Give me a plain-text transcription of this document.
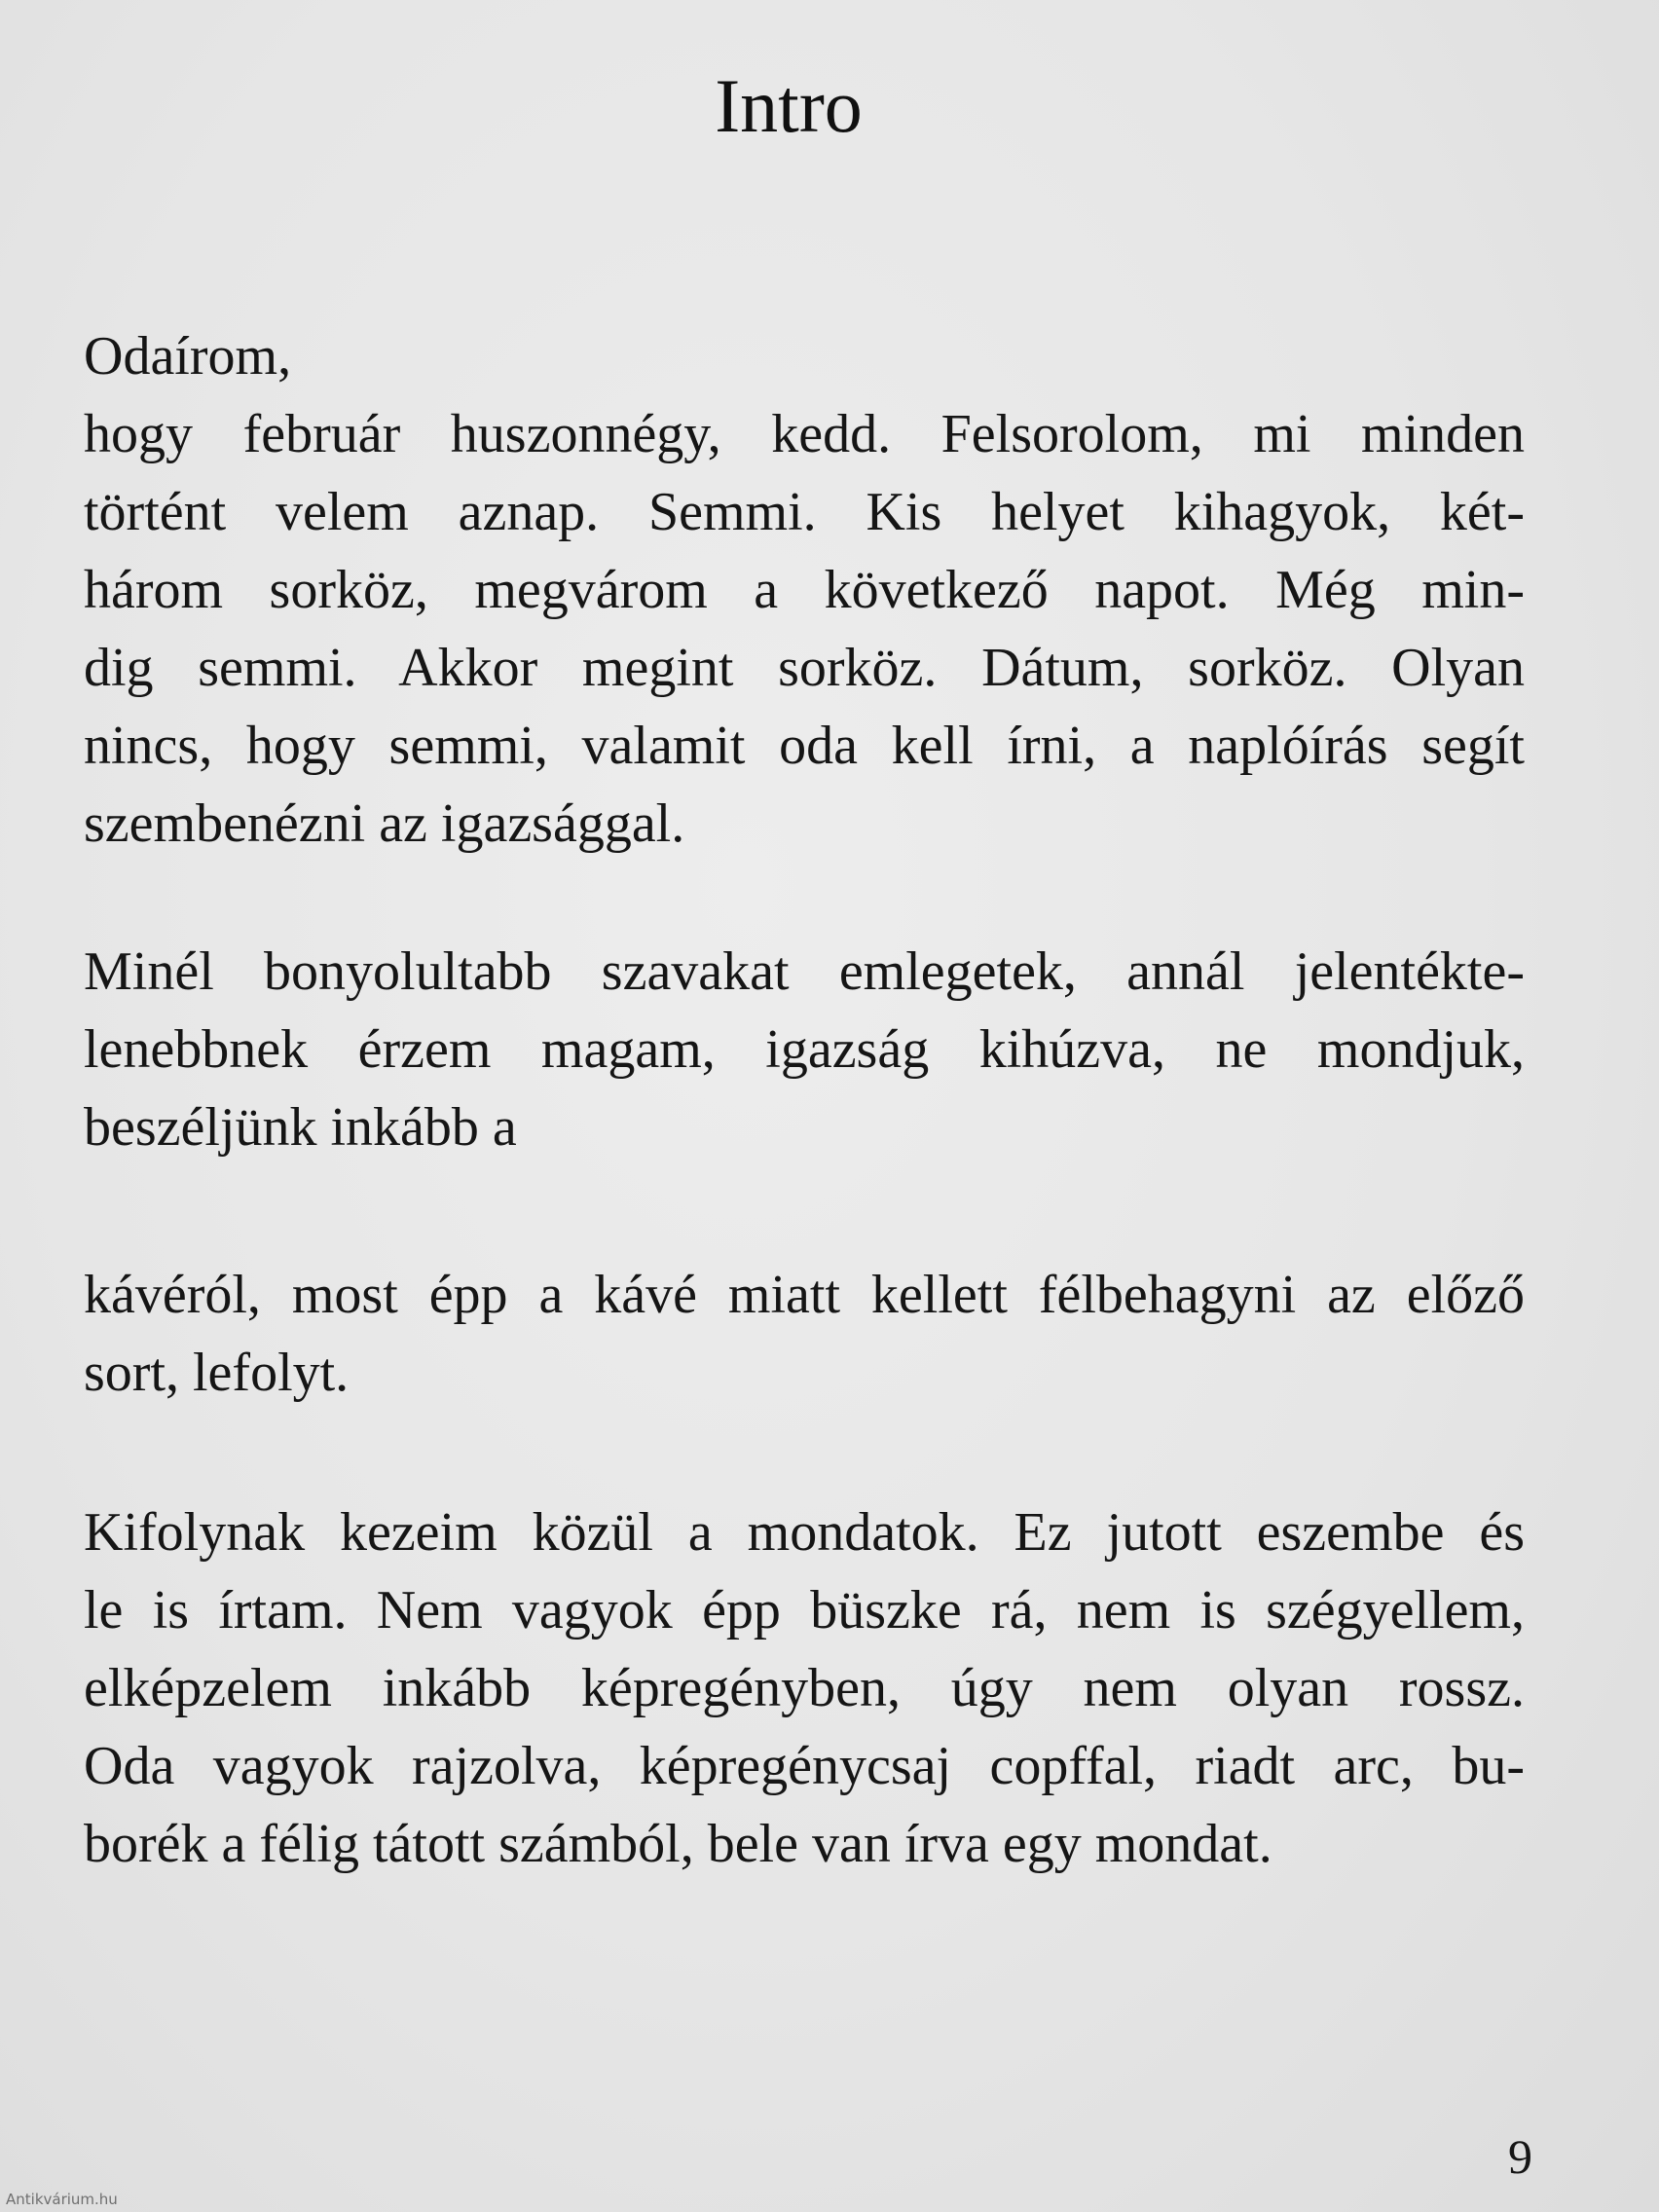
Intro

Odaírom,
hogy február huszonnégy, kedd. Felsorolom, mi minden
történt velem aznap. Semmi. Kis helyet kihagyok, két-
három sorköz, megvárom a következő napot. Még min-
dig semmi. Akkor megint sorköz. Dátum, sorköz. Olyan
nincs, hogy semmi, valamit oda kell írni, a naplóírás segít
szembenézni az igazsággal.

Minél bonyolultabb szavakat emlegetek, annál jelentékte-
lenebbnek érzem magam, igazság kihúzva, ne mondjuk,
beszéljünk inkább a

kávéról, most épp a kávé miatt kellett félbehagyni az előző
sort, lefolyt.

Kifolynak kezeim közül a mondatok. Ez jutott eszembe és
le is írtam. Nem vagyok épp büszke rá, nem is szégyellem,
elképzelem inkább képregényben, úgy nem olyan rossz.
Oda vagyok rajzolva, képregénycsaj copffal, riadt arc, bu-
borék a félig tátott számból, bele van írva egy mondat.

9
Antikvárium.hu
